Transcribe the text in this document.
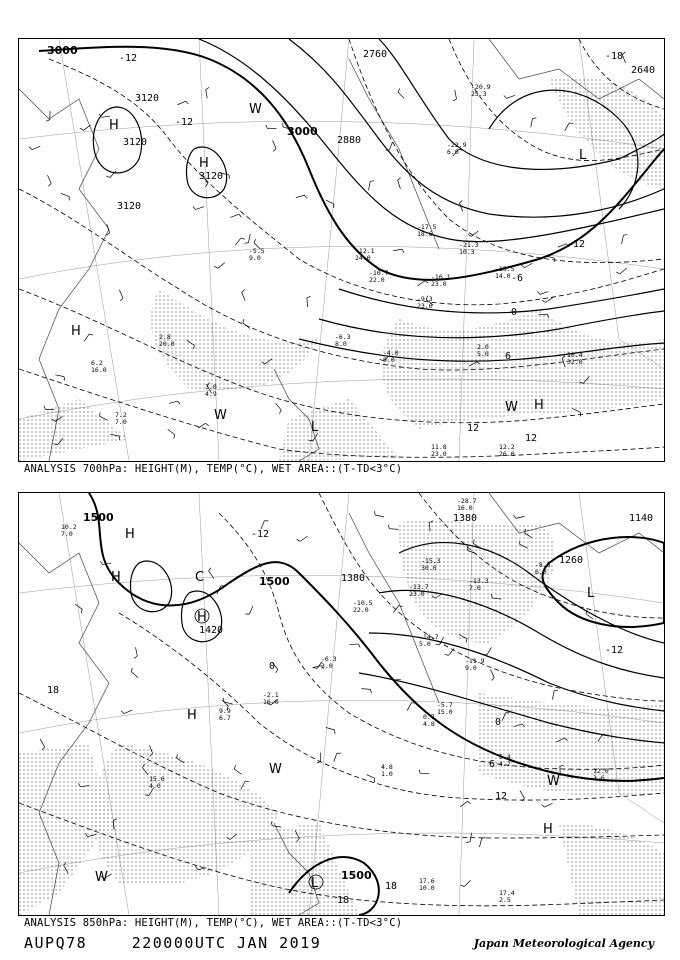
3000
3000
2880
2760
2640
3120
3120
3120
3120
-12
-12
-6
0
6
12
12
-12
-18
H
H
H
L
L
W
W
W H
-20.9
25.3
-22.9
6.0
-17.5
18.6
-21.3
10.3
-16.1
23.0
-15.5
14.0
-10.7
22.0
-9.3
23.0
-6.3
8.0
-4.0
9.0
2.0
5.0	10.4
32.0
11.8
23.0
12.2
26.0
3.0
4.9
7.2
7.0
2.8
20.0
6.2
16.0
-12.1
24.0
-5.5
9.0
ANALYSIS 700hPa: HEIGHT(M), TEMP(°C), WET AREA::(T-TD<3°C)
1500
1500
1500
1380
1380	1140
1260
1420
-12
0
0
6
12
18
18
18
-12
H
H
H
H
H
C
L
L
W
W
W
-28.7
16.0
-15.3
30.0
-13.3
7.0
-14.7
5.0
-11.9
9.0
-10.5
22.0
-5.7
15.0
0.7
4.8
5.4
4.7
12.0
3.6
17.6
10.0
17.4
2.5
-2.1
16.0
4.8
1.0
9.9
6.7
15.6
4.0
10.2
7.0
-8.5
6.0
-13.7
23.0
-6.3
3.0
ANALYSIS 850hPa: HEIGHT(M), TEMP(°C), WET AREA::(T-TD<3°C)
AUPQ78	220000UTC JAN 2019	Japan Meteorological Agency
